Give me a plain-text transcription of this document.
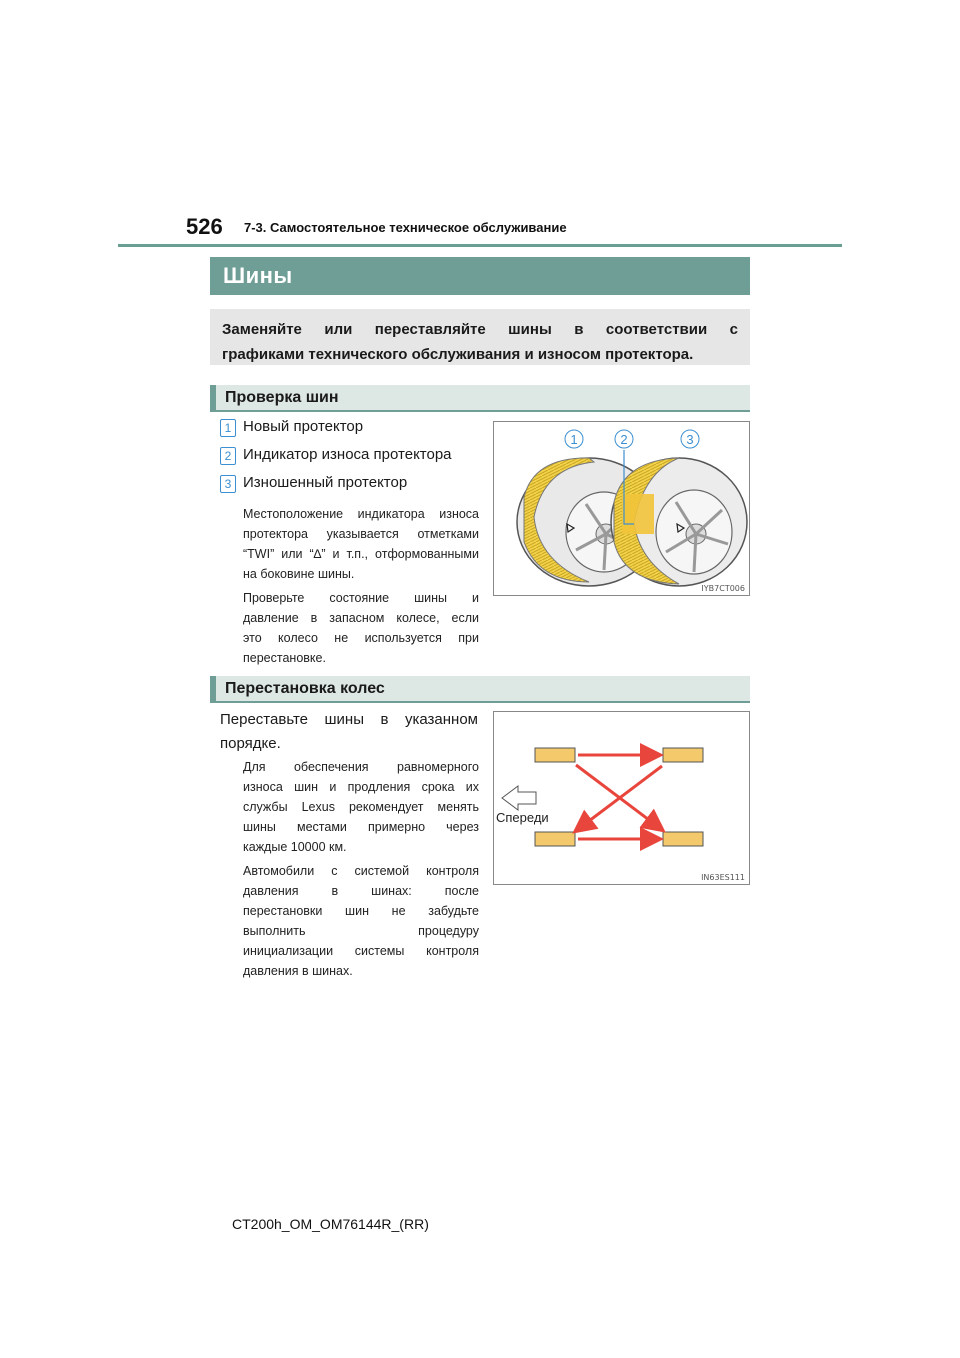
526 7-3. Самостоятельное техническое обслуживание
Шины
Заменяйте или переставляйте шины в соответствии с
графиками технического обслуживания и износом протектора.
Проверка шин
1 Новый протектор
2 Индикатор износа протектора
3 Изношенный протектор
Местоположение индикатора износа
протектора указывается отметками
“TWI” или “∆” и т.п., отформованными
на боковине шины.
Проверьте состояние шины и
давление в запасном колесе, если
это колесо не используется при
перестановке.
1	2	3
IYB7CT006
Перестановка колес
Переставьте шины в указанном
порядке.
Для обеспечения равномерного
износа шин и продления срока их
службы Lexus рекомендует менять
шины местами примерно через
каждые 10000 км.
Автомобили с системой контроля
давления в шинах: после
перестановки шин не забудьте
выполнить процедуру
инициализации системы контроля
давления в шинах.
Спереди
IN63ES111
CT200h_OM_OM76144R_(RR)
